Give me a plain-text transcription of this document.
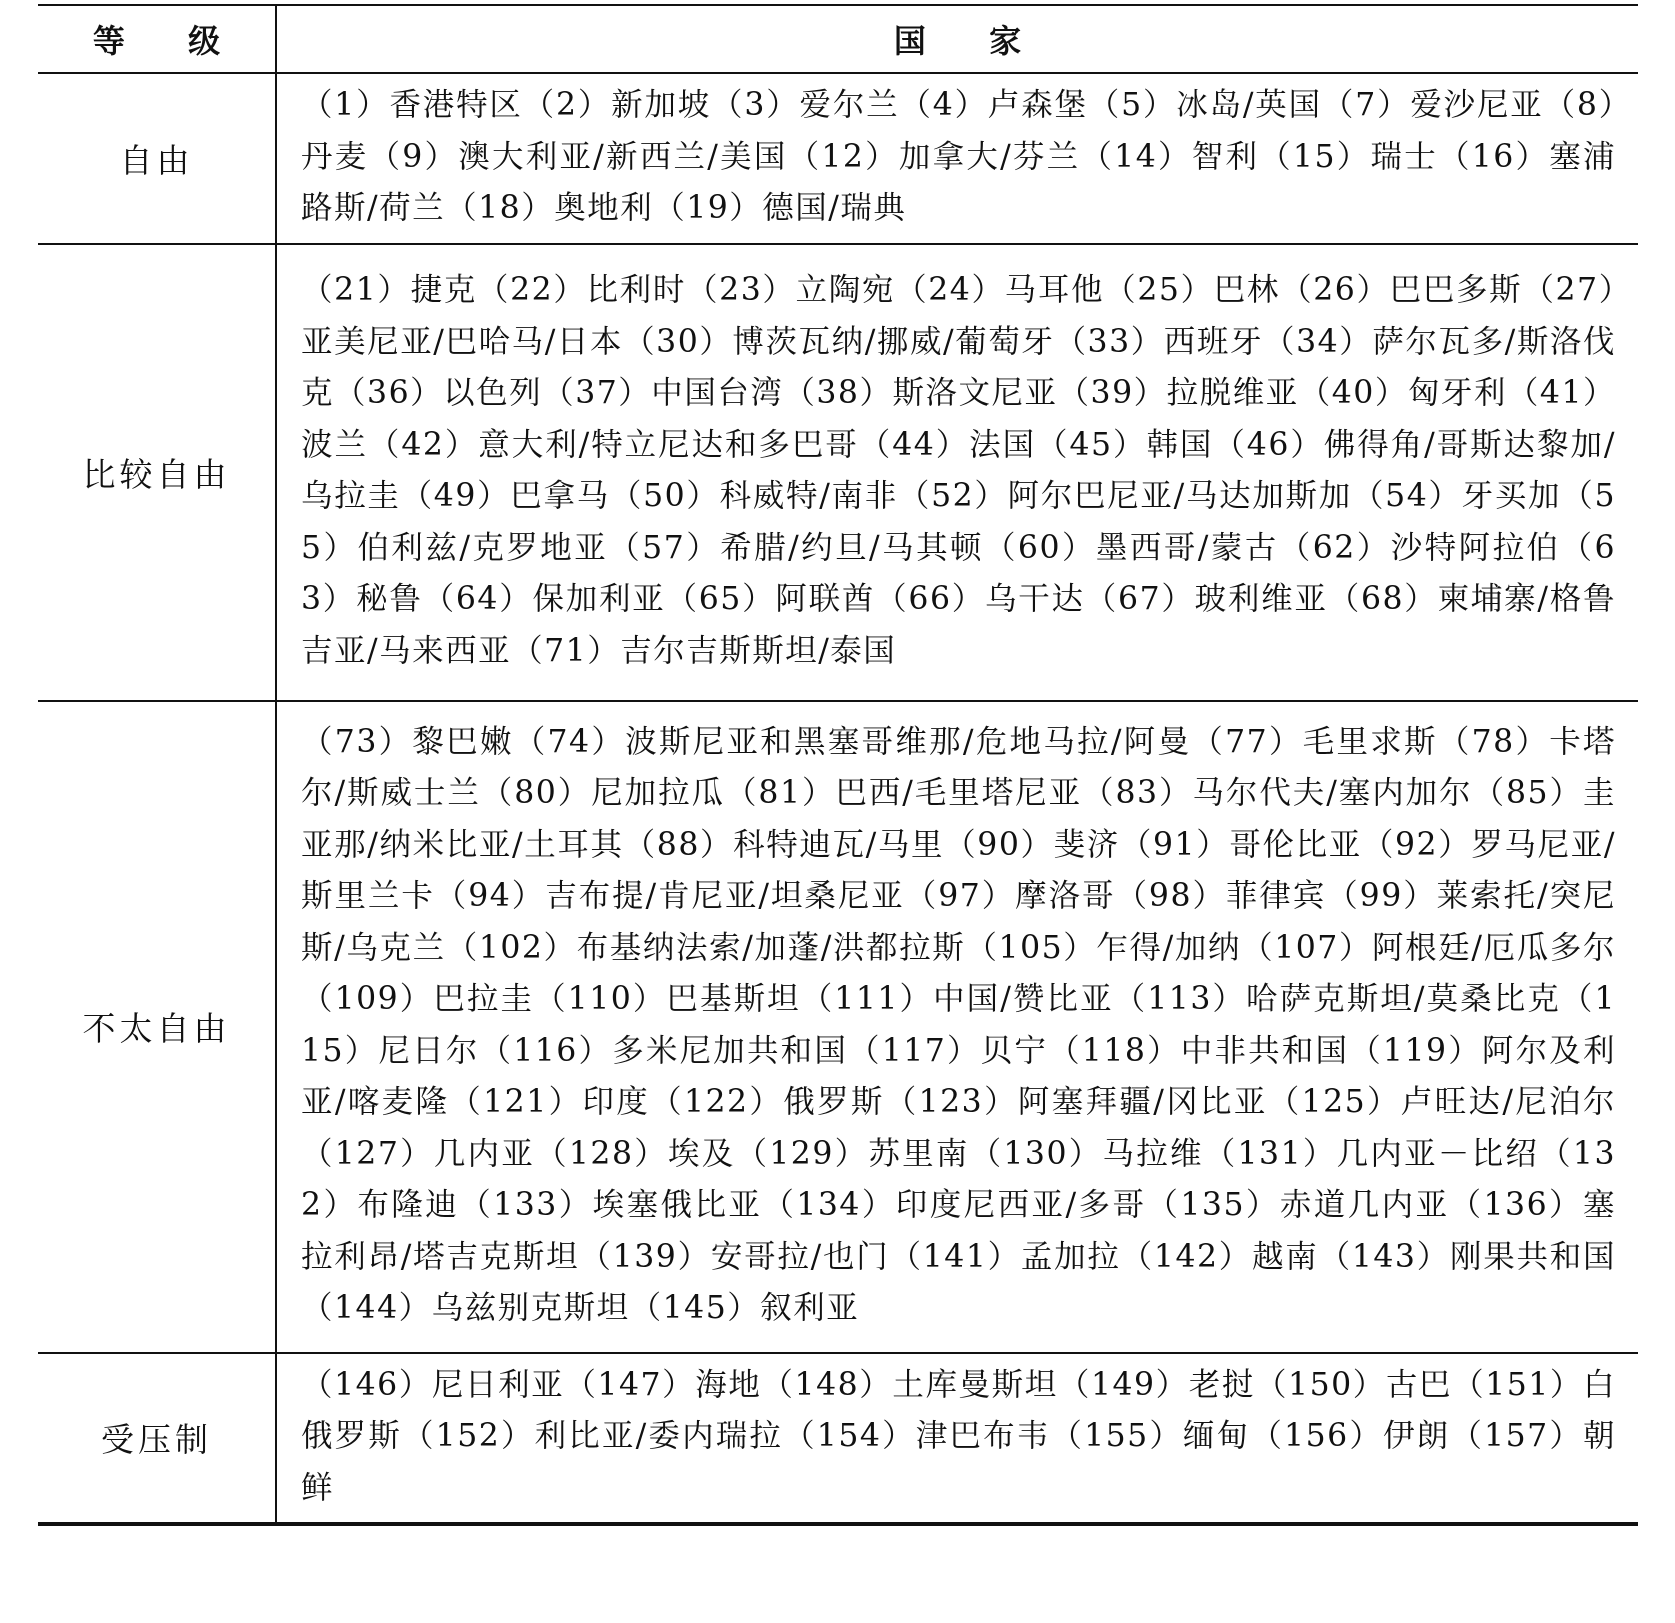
等 级	国 家
自由	（1）香港特区（2）新加坡（3）爱尔兰（4）卢森堡（5）冰岛/英国（7）爱沙尼亚（8）丹麦（9）澳大利亚/新西兰/美国（12）加拿大/芬兰（14）智利（15）瑞士（16）塞浦路斯/荷兰（18）奥地利（19）德国/瑞典
比较自由	（21）捷克（22）比利时（23）立陶宛（24）马耳他（25）巴林（26）巴巴多斯（27）亚美尼亚/巴哈马/日本（30）博茨瓦纳/挪威/葡萄牙（33）西班牙（34）萨尔瓦多/斯洛伐克（36）以色列（37）中国台湾（38）斯洛文尼亚（39）拉脱维亚（40）匈牙利（41）波兰（42）意大利/特立尼达和多巴哥（44）法国（45）韩国（46）佛得角/哥斯达黎加/乌拉圭（49）巴拿马（50）科威特/南非（52）阿尔巴尼亚/马达加斯加（54）牙买加（55）伯利兹/克罗地亚（57）希腊/约旦/马其顿（60）墨西哥/蒙古（62）沙特阿拉伯（63）秘鲁（64）保加利亚（65）阿联酋（66）乌干达（67）玻利维亚（68）柬埔寨/格鲁吉亚/马来西亚（71）吉尔吉斯斯坦/泰国
不太自由	（73）黎巴嫩（74）波斯尼亚和黑塞哥维那/危地马拉/阿曼（77）毛里求斯（78）卡塔尔/斯威士兰（80）尼加拉瓜（81）巴西/毛里塔尼亚（83）马尔代夫/塞内加尔（85）圭亚那/纳米比亚/土耳其（88）科特迪瓦/马里（90）斐济（91）哥伦比亚（92）罗马尼亚/斯里兰卡（94）吉布提/肯尼亚/坦桑尼亚（97）摩洛哥（98）菲律宾（99）莱索托/突尼斯/乌克兰（102）布基纳法索/加蓬/洪都拉斯（105）乍得/加纳（107）阿根廷/厄瓜多尔（109）巴拉圭（110）巴基斯坦（111）中国/赞比亚（113）哈萨克斯坦/莫桑比克（115）尼日尔（116）多米尼加共和国（117）贝宁（118）中非共和国（119）阿尔及利亚/喀麦隆（121）印度（122）俄罗斯（123）阿塞拜疆/冈比亚（125）卢旺达/尼泊尔（127）几内亚（128）埃及（129）苏里南（130）马拉维（131）几内亚－比绍（132）布隆迪（133）埃塞俄比亚（134）印度尼西亚/多哥（135）赤道几内亚（136）塞拉利昂/塔吉克斯坦（139）安哥拉/也门（141）孟加拉（142）越南（143）刚果共和国（144）乌兹别克斯坦（145）叙利亚
受压制	（146）尼日利亚（147）海地（148）土库曼斯坦（149）老挝（150）古巴（151）白俄罗斯（152）利比亚/委内瑞拉（154）津巴布韦（155）缅甸（156）伊朗（157）朝鲜
